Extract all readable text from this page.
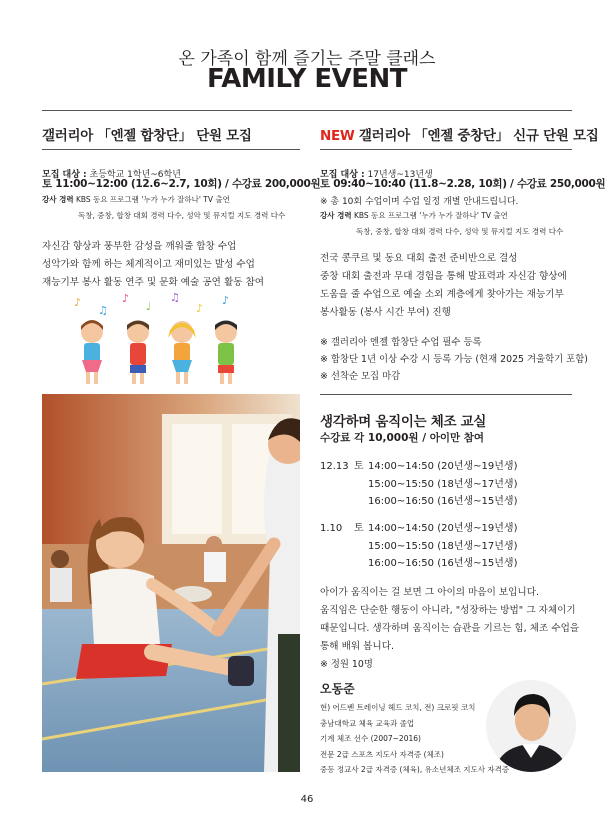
온 가족이 함께 즐기는 주말 클래스
FAMILY EVENT
갤러리아 「엔젤 합창단」 단원 모집
모집 대상 : 초등학교 1학년~6학년
토 11:00~12:00 (12.6~2.7, 10회) / 수강료 200,000원
강사 경력 KBS 동요 프로그램 '누가 누가 잘하나' TV 출연
독창, 중창, 합창 대회 경력 다수, 성악 및 뮤지컬 지도 경력 다수
자신감 향상과 풍부한 감성을 깨워줄 합창 수업
성악가와 함께 하는 체계적이고 재미있는 발성 수업
재능기부 봉사 활동 연주 및 문화 예술 공연 활동 참여
♪
♫
♪
♩
♫
♪
♪
NEW 갤러리아 「엔젤 중창단」 신규 단원 모집
모집 대상 : 17년생~13년생
토 09:40~10:40 (11.8~2.28, 10회) / 수강료 250,000원
※ 총 10회 수업이며 수업 일정 개별 안내드립니다.
강사 경력 KBS 동요 프로그램 '누가 누가 잘하나' TV 출연
독창, 중창, 합창 대회 경력 다수, 성악 및 뮤지컬 지도 경력 다수
전국 콩쿠르 및 동요 대회 출전 준비반으로 결성
중창 대회 출전과 무대 경험을 통해 발표력과 자신감 향상에
도움을 줄 수업으로 예술 소외 계층에게 찾아가는 재능기부
봉사활동 (봉사 시간 부여) 진행
※ 갤러리아 엔젤 합창단 수업 필수 등록
※ 합창단 1년 이상 수강 시 등록 가능 (현재 2025 겨울학기 포함)
※ 선착순 모집 마감
생각하며 움직이는 체조 교실
수강료 각 10,000원 / 아이만 참여
12.13 토 14:00~14:50 (20년생~19년생)
15:00~15:50 (18년생~17년생)
16:00~16:50 (16년생~15년생)
1.10 토 14:00~14:50 (20년생~19년생)
15:00~15:50 (18년생~17년생)
16:00~16:50 (16년생~15년생)
아이가 움직이는 걸 보면 그 아이의 마음이 보입니다.
움직임은 단순한 행동이 아니라, "성장하는 방법" 그 자체이기
때문입니다. 생각하며 움직이는 습관을 기르는 힘, 체조 수업을
통해 배워 봅니다.
※ 정원 10명
오동준
현) 어드벤 트레이닝 헤드 코치, 전) 크로핏 코치
충남대학교 체육 교육과 졸업
기계 체조 선수 (2007~2016)
전문 2급 스포츠 지도사 자격증 (체조)
중등 정교사 2급 자격증 (체육), 유소년체조 지도사 자격증
46
